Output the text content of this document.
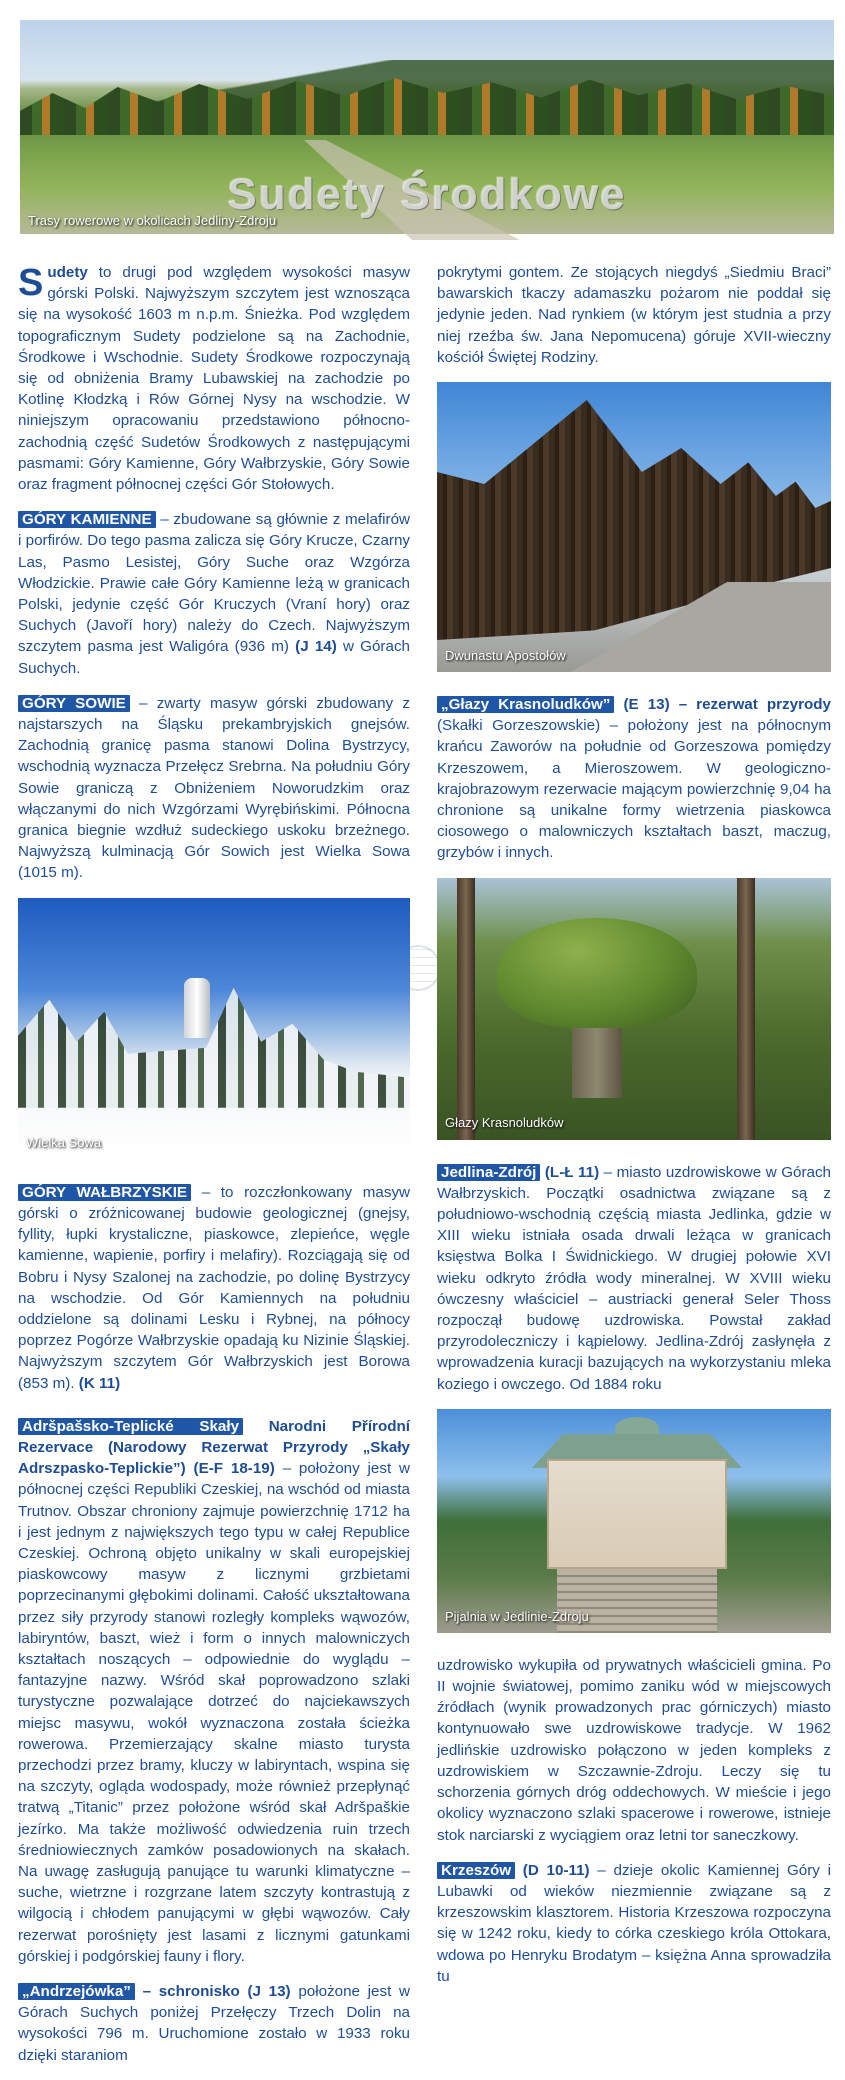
Sudety Środkowe
Trasy rowerowe w okolicach Jedliny-Zdroju

Sudety to drugi pod względem wysokości masyw górski Polski. Najwyższym szczytem jest wznosząca się na wysokość 1603 m n.p.m. Śnieżka. Pod względem topograficznym Sudety podzielone są na Zachodnie, Środkowe i Wschodnie. Sudety Środkowe rozpoczynają się od obniżenia Bramy Lubawskiej na zachodzie po Kotlinę Kłodzką i Rów Górnej Nysy na wschodzie. W niniejszym opracowaniu przedstawiono północno-zachodnią część Sudetów Środkowych z następującymi pasmami: Góry Kamienne, Góry Wałbrzyskie, Góry Sowie oraz fragment północnej części Gór Stołowych.

GÓRY KAMIENNE – zbudowane są głównie z melafirów i porfirów. Do tego pasma zalicza się Góry Krucze, Czarny Las, Pasmo Lesistej, Góry Suche oraz Wzgórza Włodzickie. Prawie całe Góry Kamienne leżą w granicach Polski, jedynie część Gór Kruczych (Vraní hory) oraz Suchych (Javoří hory) należy do Czech. Najwyższym szczytem pasma jest Waligóra (936 m) (J 14) w Górach Suchych.

GÓRY SOWIE – zwarty masyw górski zbudowany z najstarszych na Śląsku prekambryjskich gnejsów. Zachodnią granicę pasma stanowi Dolina Bystrzycy, wschodnią wyznacza Przełęcz Srebrna. Na południu Góry Sowie graniczą z Obniżeniem Noworudzkim oraz włączanymi do nich Wzgórzami Wyrębińskimi. Północna granica biegnie wzdłuż sudeckiego uskoku brzeżnego. Najwyższą kulminacją Gór Sowich jest Wielka Sowa (1015 m).

Wielka Sowa

GÓRY WAŁBRZYSKIE – to rozczłonkowany masyw górski o zróżnicowanej budowie geologicznej (gnejsy, fyllity, łupki krystaliczne, piaskowce, zlepieńce, węgle kamienne, wapienie, porfiry i melafiry). Rozciągają się od Bobru i Nysy Szalonej na zachodzie, po dolinę Bystrzycy na wschodzie. Od Gór Kamiennych na południu oddzielone są dolinami Lesku i Rybnej, na północy poprzez Pogórze Wałbrzyskie opadają ku Nizinie Śląskiej. Najwyższym szczytem Gór Wałbrzyskich jest Borowa (853 m). (K 11)

Adršpašsko-Teplické Skały Narodni Přírodní Rezervace (Narodowy Rezerwat Przyrody „Skały Adrszpasko-Teplickie”) (E-F 18-19) – położony jest w północnej części Republiki Czeskiej, na wschód od miasta Trutnov. Obszar chroniony zajmuje powierzchnię 1712 ha i jest jednym z największych tego typu w całej Republice Czeskiej. Ochroną objęto unikalny w skali europejskiej piaskowcowy masyw z licznymi grzbietami poprzecinanymi głębokimi dolinami. Całość ukształtowana przez siły przyrody stanowi rozległy kompleks wąwozów, labiryntów, baszt, wież i form o innych malowniczych kształtach noszących – odpowiednie do wyglądu – fantazyjne nazwy. Wśród skał poprowadzono szlaki turystyczne pozwalające dotrzeć do najciekawszych miejsc masywu, wokół wyznaczona została ścieżka rowerowa. Przemierzający skalne miasto turysta przechodzi przez bramy, kluczy w labiryntach, wspina się na szczyty, ogląda wodospady, może również przepłynąć tratwą „Titanic” przez położone wśród skał Adršpaškie jezírko. Ma także możliwość odwiedzenia ruin trzech średniowiecznych zamków posadowionych na skałach. Na uwagę zasługują panujące tu warunki klimatyczne – suche, wietrzne i rozgrzane latem szczyty kontrastują z wilgocią i chłodem panującymi w głębi wąwozów. Cały rezerwat porośnięty jest lasami z licznymi gatunkami górskiej i podgórskiej fauny i flory.

„Andrzejówka” – schronisko (J 13) położone jest w Górach Suchych poniżej Przełęczy Trzech Dolin na wysokości 796 m. Uruchomione zostało w 1933 roku dzięki staraniom

pokrytymi gontem. Ze stojących niegdyś „Siedmiu Braci” bawarskich tkaczy adamaszku pożarom nie poddał się jedynie jeden. Nad rynkiem (w którym jest studnia a przy niej rzeźba św. Jana Nepomucena) góruje XVII-wieczny kościół Świętej Rodziny.

Dwunastu Apostołów

„Głazy Krasnoludków” (E 13) – rezerwat przyrody (Skałki Gorzeszowskie) – położony jest na północnym krańcu Zaworów na południe od Gorzeszowa pomiędzy Krzeszowem, a Mieroszowem. W geologiczno-krajobrazowym rezerwacie mającym powierzchnię 9,04 ha chronione są unikalne formy wietrzenia piaskowca ciosowego o malowniczych kształtach baszt, maczug, grzybów i innych.

Głazy Krasnoludków

Jedlina-Zdrój (L-Ł 11) – miasto uzdrowiskowe w Górach Wałbrzyskich. Początki osadnictwa związane są z południowo-wschodnią częścią miasta Jedlinka, gdzie w XIII wieku istniała osada drwali leżąca w granicach księstwa Bolka I Świdnickiego. W drugiej połowie XVI wieku odkryto źródła wody mineralnej. W XVIII wieku ówczesny właściciel – austriacki generał Seler Thoss rozpoczął budowę uzdrowiska. Powstał zakład przyrodoleczniczy i kąpielowy. Jedlina-Zdrój zasłynęła z wprowadzenia kuracji bazujących na wykorzystaniu mleka koziego i owczego. Od 1884 roku

Pijalnia w Jedlinie-Zdroju

uzdrowisko wykupiła od prywatnych właścicieli gmina. Po II wojnie światowej, pomimo zaniku wód w miejscowych źródłach (wynik prowadzonych prac górniczych) miasto kontynuowało swe uzdrowiskowe tradycje. W 1962 jedlińskie uzdrowisko połączono w jeden kompleks z uzdrowiskiem w Szczawnie-Zdroju. Leczy się tu schorzenia górnych dróg oddechowych. W mieście i jego okolicy wyznaczono szlaki spacerowe i rowerowe, istnieje stok narciarski z wyciągiem oraz letni tor saneczkowy.

Krzeszów (D 10-11) – dzieje okolic Kamiennej Góry i Lubawki od wieków niezmiennie związane są z krzeszowskim klasztorem. Historia Krzeszowa rozpoczyna się w 1242 roku, kiedy to córka czeskiego króla Ottokara, wdowa po Henryku Brodatym – księżna Anna sprowadziła tu
